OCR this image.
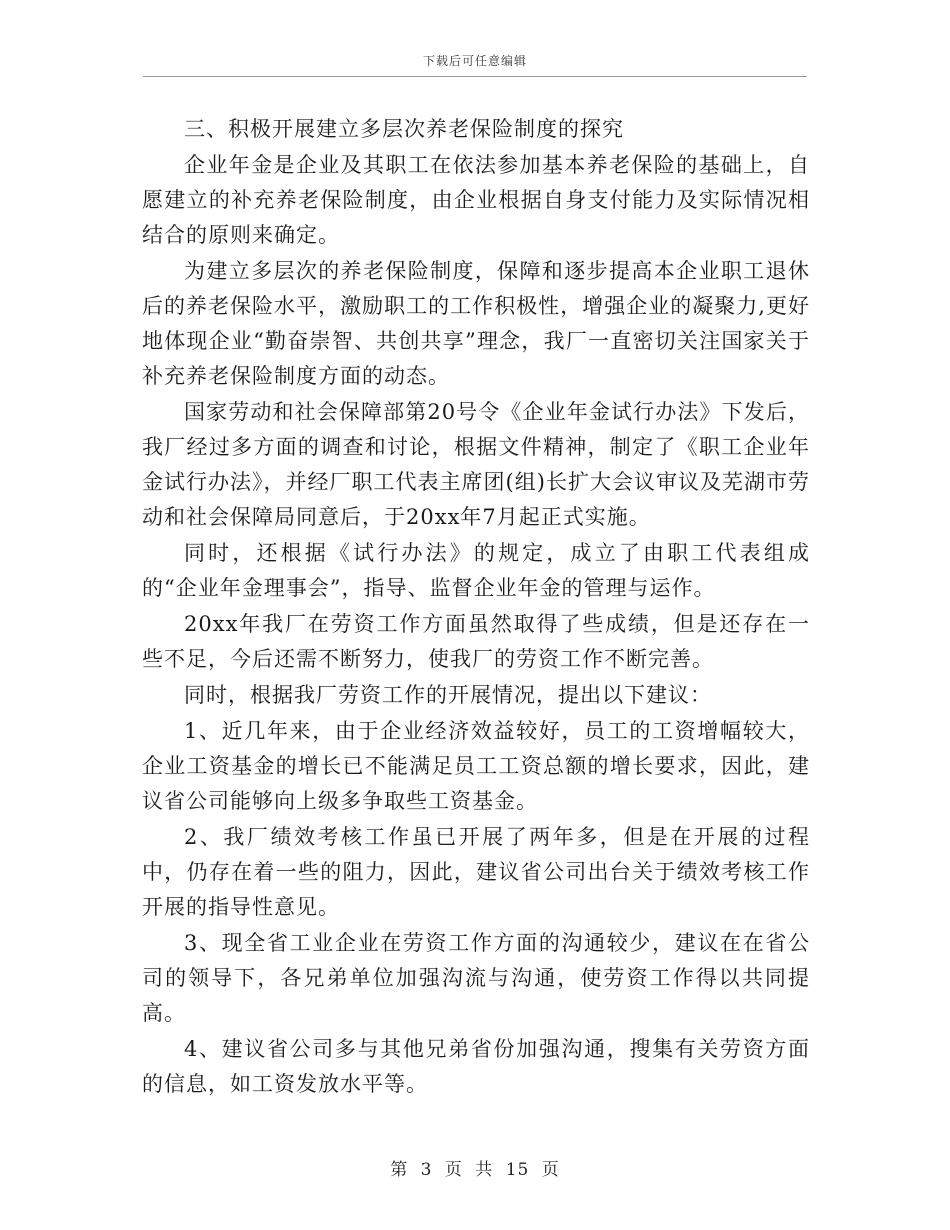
下载后可任意编辑

三、积极开展建立多层次养老保险制度的探究

企业年金是企业及其职工在依法参加基本养老保险的基础上，自愿建立的补充养老保险制度，由企业根据自身支付能力及实际情况相结合的原则来确定。

为建立多层次的养老保险制度，保障和逐步提高本企业职工退休后的养老保险水平，激励职工的工作积极性，增强企业的凝聚力,更好地体现企业“勤奋崇智、共创共享”理念，我厂一直密切关注国家关于补充养老保险制度方面的动态。

国家劳动和社会保障部第20号令《企业年金试行办法》下发后，我厂经过多方面的调查和讨论，根据文件精神，制定了《职工企业年金试行办法》，并经厂职工代表主席团(组)长扩大会议审议及芜湖市劳动和社会保障局同意后，于20xx年7月起正式实施。

同时，还根据《试行办法》的规定，成立了由职工代表组成的“企业年金理事会”，指导、监督企业年金的管理与运作。

20xx年我厂在劳资工作方面虽然取得了些成绩，但是还存在一些不足，今后还需不断努力，使我厂的劳资工作不断完善。

同时，根据我厂劳资工作的开展情况，提出以下建议：

1、近几年来，由于企业经济效益较好，员工的工资增幅较大，企业工资基金的增长已不能满足员工工资总额的增长要求，因此，建议省公司能够向上级多争取些工资基金。

2、我厂绩效考核工作虽已开展了两年多，但是在开展的过程中，仍存在着一些的阻力，因此，建议省公司出台关于绩效考核工作开展的指导性意见。

3、现全省工业企业在劳资工作方面的沟通较少，建议在在省公司的领导下，各兄弟单位加强沟流与沟通，使劳资工作得以共同提高。

4、建议省公司多与其他兄弟省份加强沟通，搜集有关劳资方面的信息，如工资发放水平等。

第 3 页 共 15 页
